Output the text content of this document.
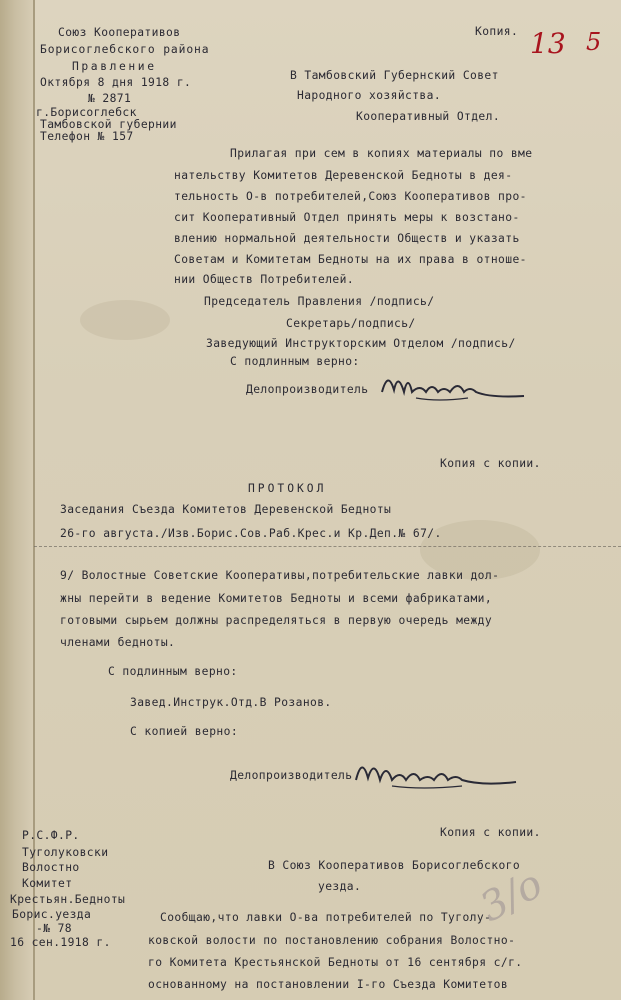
Копия. 13 5
Союз Кооперативов
Борисоглебского района
Правление
Октября 8 дня 1918 г.
№ 2871
г.Борисоглебск
Тамбовской губернии
Телефон № 157
В Тамбовский Губернский Совет
Народного хозяйства.
Кооперативный Отдел.
Прилагая при сем в копиях материалы по вме
нательству Комитетов Деревенской Бедноты в дея-
тельность О-в потребителей,Союз Кооперативов про-
сит Кооперативный Отдел принять меры к возстано-
влению нормальной деятельности Обществ и указать
Советам и Комитетам Бедноты на их права в отноше-
нии Обществ Потребителей.
Председатель Правления /подпись/
Секретарь/подпись/
Заведующий Инструкторским Отделом /подпись/
С подлинным верно:
Делопроизводитель
Копия с копии.
ПРОТОКОЛ
Заседания Съезда Комитетов Деревенской Бедноты
26-го августа./Изв.Борис.Сов.Раб.Крес.и Кр.Деп.№ 67/.
9/ Волостные Советские Кооперативы,потребительские лавки дол-
жны перейти в ведение Комитетов Бедноты и всеми фабрикатами,
готовыми сырьем должны распределяться в первую очередь между
членами бедноты.
С подлинным верно:
Завед.Инструк.Отд.В Розанов.
С копией верно:
Делопроизводитель
Копия с копии.
Р.С.Ф.Р.
Туголуковски
Волостно
Комитет
Крестьян.Бедноты
Борис.уезда
-№ 78
16 сен.1918 г.
В Союз Кооперативов Борисоглебского
уезда.
Сообщаю,что лавки О-ва потребителей по Туголу-
ковской волости по постановлению собрания Волостно-
го Комитета Крестьянской Бедноты от 16 сентября с/г.
основанному на постановлении I-го Съезда Комитетов
3/о
